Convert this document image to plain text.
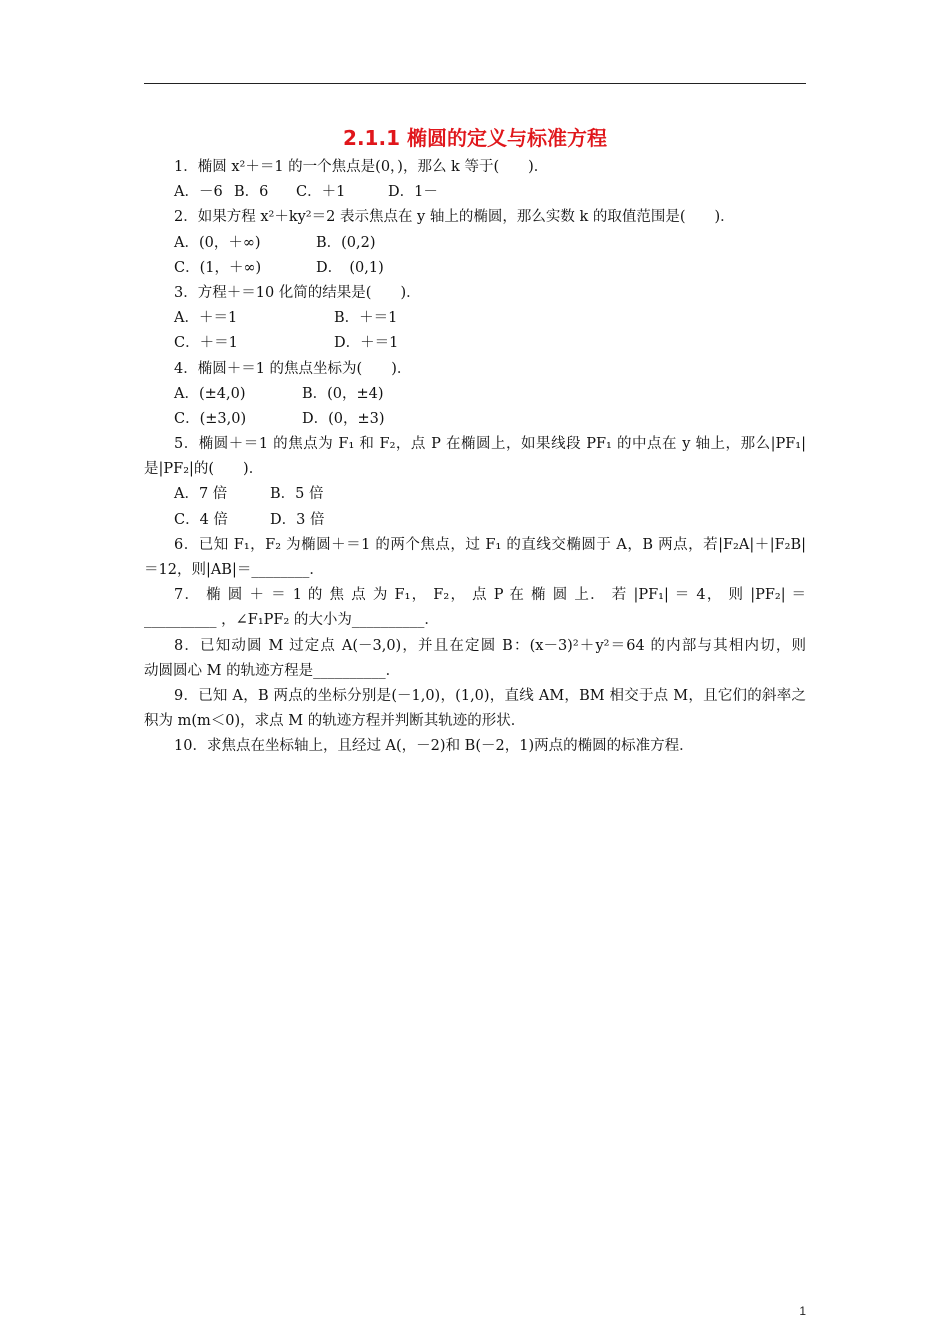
2.1.1 椭圆的定义与标准方程
1．椭圆 x²＋＝1 的一个焦点是(0，)，那么 k 等于(　　)．
A．－6 B．6 C．＋1	D．1－
2．如果方程 x²＋ky²＝2 表示焦点在 y 轴上的椭圆，那么实数 k 的取值范围是(　　)．
A．(0，＋∞)	B．(0,2)
C．(1，＋∞)	D．　(0,1)
3．方程＋＝10 化简的结果是(　　)．
A．＋＝1	B．＋＝1
C．＋＝1	D．＋＝1
4．椭圆＋＝1 的焦点坐标为(　　)．
A．(±4,0)	B．(0，±4)
C．(±3,0)	D．(0，±3)
5．椭圆＋＝1 的焦点为 F₁ 和 F₂，点 P 在椭圆上，如果线段 PF₁ 的中点在 y 轴上，那么|PF₁|
是|PF₂|的(　　)．
A．7 倍	B．5 倍
C．4 倍	D．3 倍
6．已知 F₁，F₂ 为椭圆＋＝1 的两个焦点，过 F₁ 的直线交椭圆于 A，B 两点，若|F₂A|＋|F₂B|
＝12，则|AB|＝________．
7． 椭 圆 ＋ ＝ 1 的 焦 点 为 F₁， F₂， 点 P 在 椭 圆 上． 若 |PF₁| ＝ 4， 则 |PF₂| ＝
__________ ，∠F₁PF₂ 的大小为__________．
8．已知动圆 M 过定点 A(－3,0)，并且在定圆 B：(x－3)²＋y²＝64 的内部与其相内切，则
动圆圆心 M 的轨迹方程是__________．
9．已知 A，B 两点的坐标分别是(－1,0)，(1,0)，直线 AM，BM 相交于点 M，且它们的斜率之
积为 m(m＜0)，求点 M 的轨迹方程并判断其轨迹的形状．
10．求焦点在坐标轴上，且经过 A(，－2)和 B(－2，1)两点的椭圆的标准方程．
1
